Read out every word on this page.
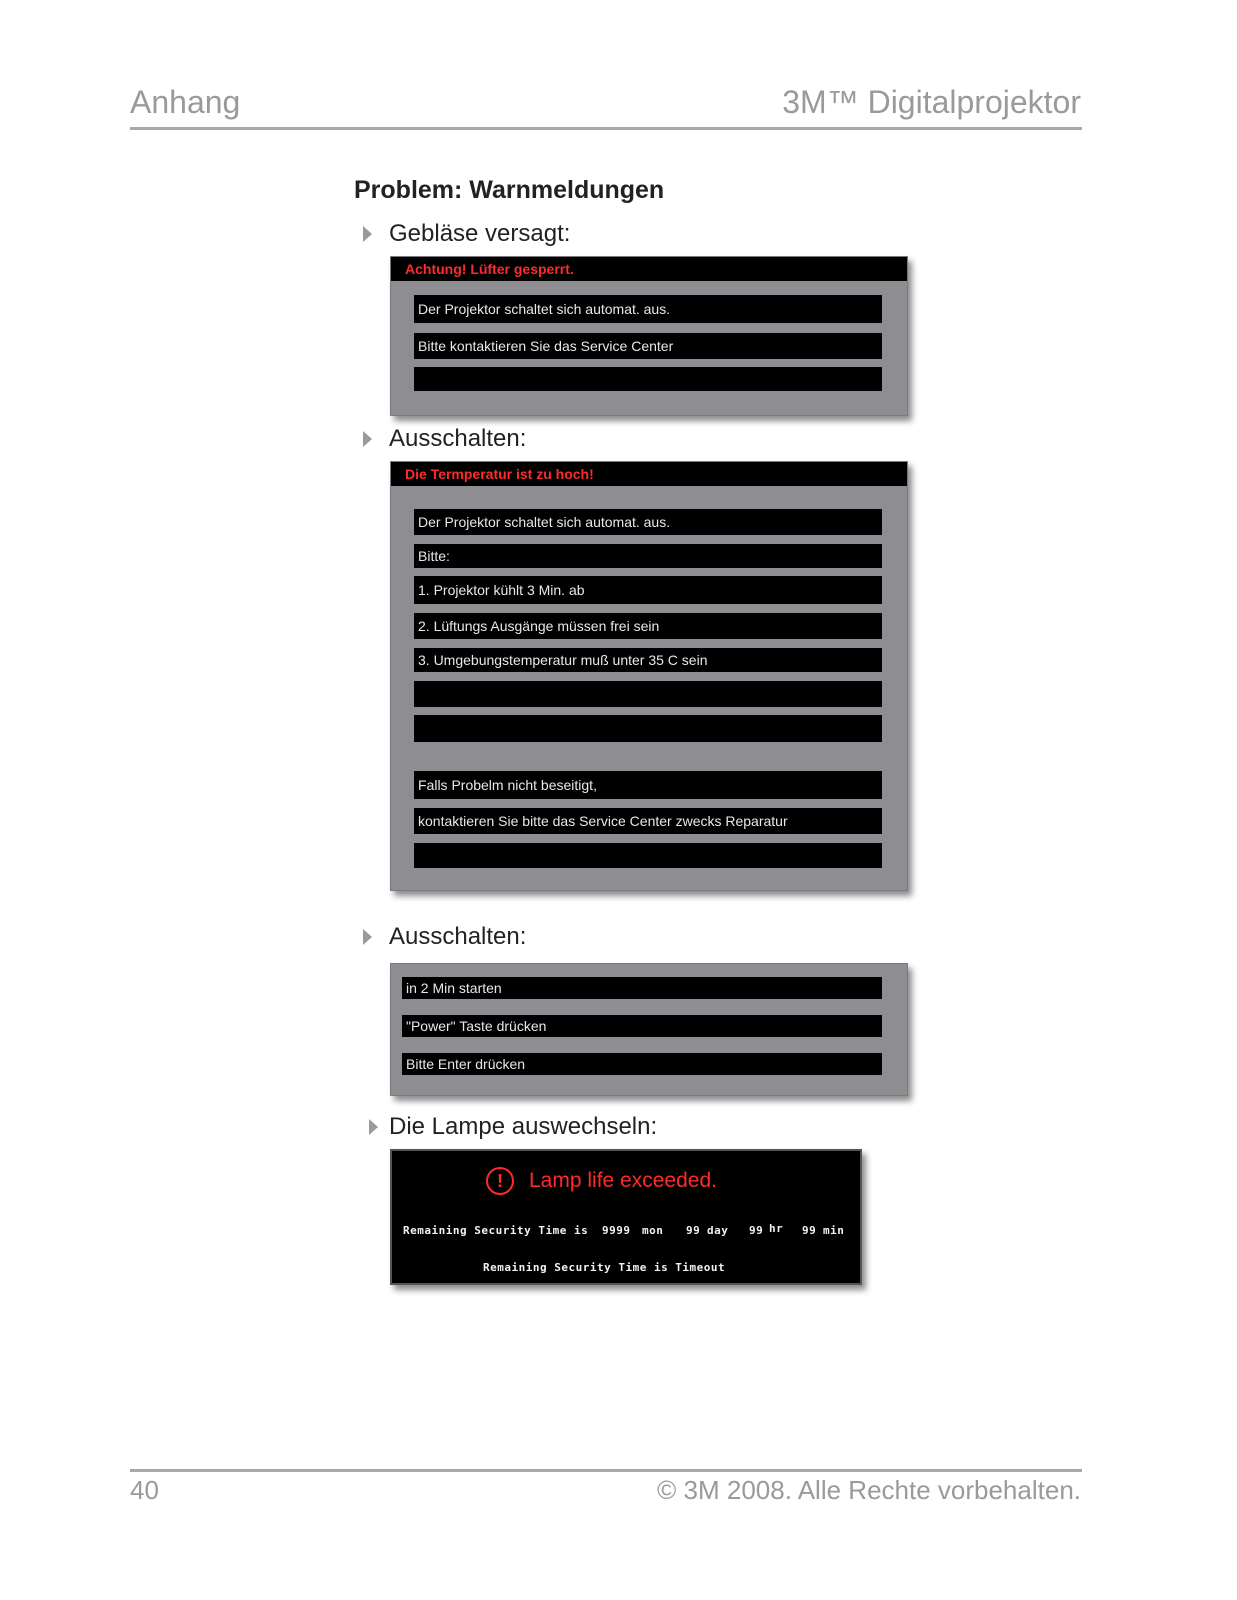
Anhang	3M™ Digitalprojektor
Problem: Warnmeldungen
Gebläse versagt:
Achtung! Lüfter gesperrt.
Der Projektor schaltet sich automat. aus.
Bitte kontaktieren Sie das Service Center
Ausschalten:
Die Termperatur ist zu hoch!
Der Projektor schaltet sich automat. aus.
Bitte:
1. Projektor kühlt 3 Min. ab
2. Lüftungs Ausgänge müssen frei sein
3. Umgebungstemperatur muß unter 35 C sein
Falls Probelm nicht beseitigt,
kontaktieren Sie bitte das Service Center zwecks Reparatur
Ausschalten:
in 2 Min starten
"Power" Taste drücken
Bitte Enter drücken
Die Lampe auswechseln:
!	Lamp life exceeded.
Remaining Security Time is 9999 mon 99 day 99 hr 99 min
Remaining Security Time is Timeout
40	© 3M 2008. Alle Rechte vorbehalten.
